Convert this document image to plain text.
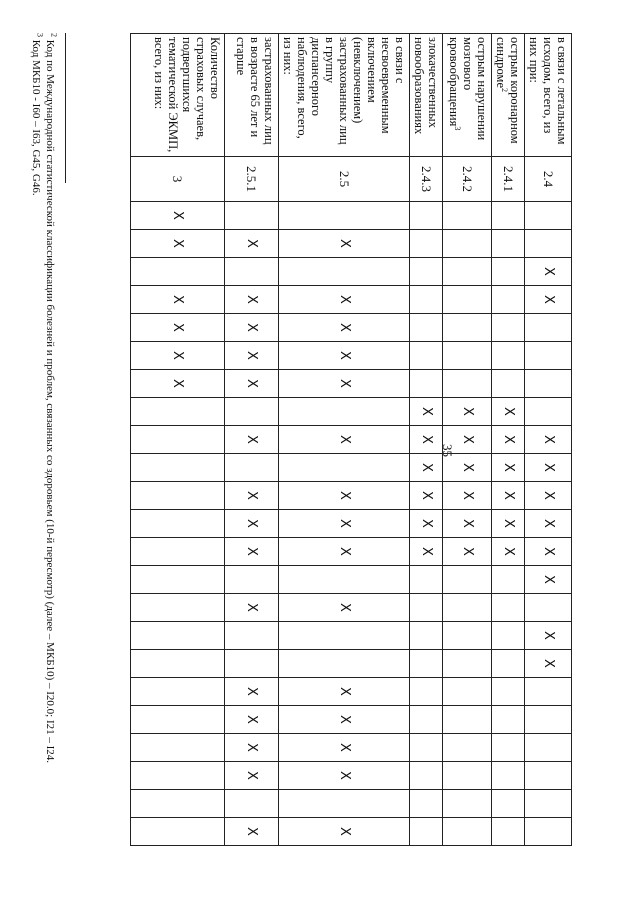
35
в связи с летальным исходом, всего, из них при:	2.4			Х	Х					Х	Х	Х	Х	Х	Х		Х	Х						
острым коронарном синдроме$^2$	2.4.1								Х	Х	Х	Х	Х	Х										
острым нарушении мозгового кровообращения$^3$	2.4.2								Х	Х	Х	Х	Х	Х										
злокачественных новообразованиях	2.4.3								Х	Х	Х	Х	Х	Х										
в связи с несвоевременным включением (невключением) застрахованных лиц в группу диспансерного наблюдения, всего, из них:	2.5		Х		Х	Х	Х	Х		Х		Х	Х	Х		Х			Х	Х	Х	Х		Х
застрахованных лиц в возрасте 65 лет и старше	2.5.1		Х		Х	Х	Х	Х		Х		Х	Х	Х		Х			Х	Х	Х	Х		Х
Количество страховых случаев, подвергшихся тематической ЭКМП, всего, из них:	3	Х	Х		Х	Х	Х	Х																
$^2$ Код по Международной статистической классификации болезней и проблем, связанных со здоровьем (10-й пересмотр) (далее – МКБ10) – I20.0; I21 – I24.
$^3$ Код МКБ10 - I60 – I63, G45, G46.
